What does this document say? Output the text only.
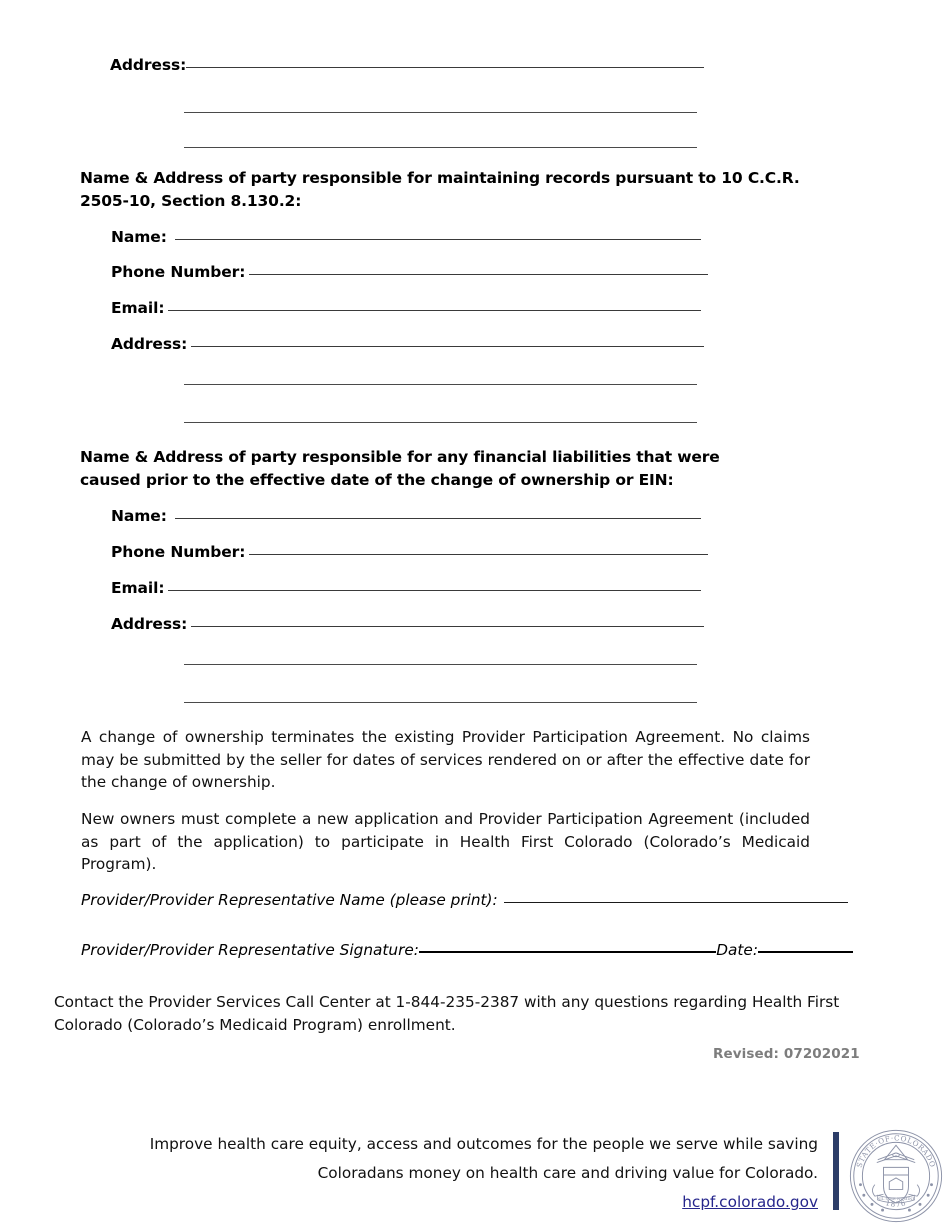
Address:
Name & Address of party responsible for maintaining records pursuant to 10 C.C.R. 2505-10, Section 8.130.2:
Name:
Phone Number:
Email:
Address:
Name & Address of party responsible for any financial liabilities that were caused prior to the effective date of the change of ownership or EIN:
Name:
Phone Number:
Email:
Address:
A change of ownership terminates the existing Provider Participation Agreement. No claims may be submitted by the seller for dates of services rendered on or after the effective date for the change of ownership.
New owners must complete a new application and Provider Participation Agreement (included as part of the application) to participate in Health First Colorado (Colorado’s Medicaid Program).
Provider/Provider Representative Name (please print):
Provider/Provider Representative Signature:	Date:
Contact the Provider Services Call Center at 1-844-235-2387 with any questions regarding Health First Colorado (Colorado’s Medicaid Program) enrollment.
Revised: 07202021
Improve health care equity, access and outcomes for the people we serve while saving Coloradans money on health care and driving value for Colorado.
hcpf.colorado.gov
STATE·OF·COLORADO
1876
NIL SINE NUMINE
